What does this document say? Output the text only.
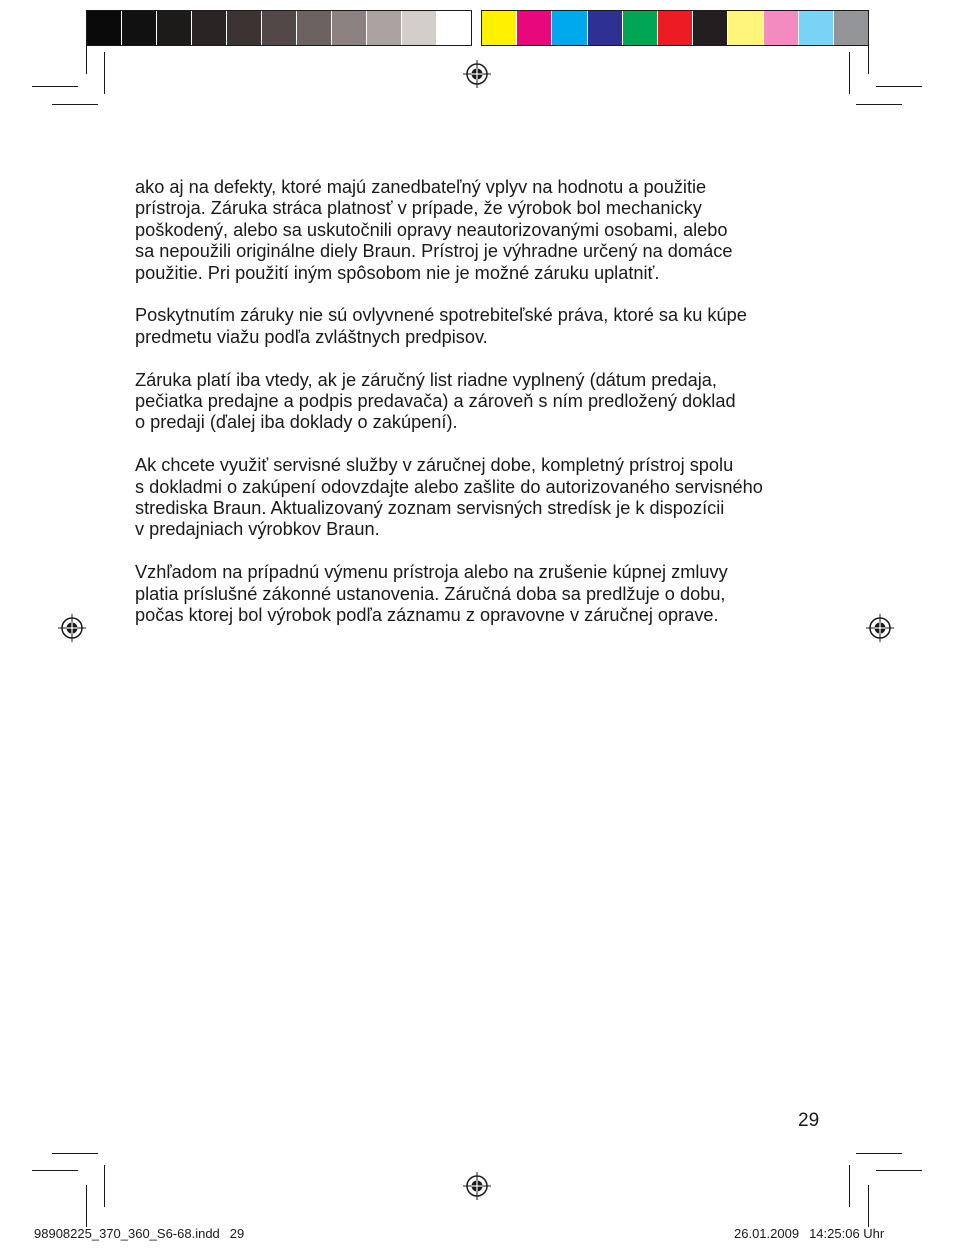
ako aj na defekty, ktoré majú zanedbateľný vplyv na hodnotu a použitie
prístroja. Záruka stráca platnosť v prípade, že výrobok bol mechanicky
poškodený, alebo sa uskutočnili opravy neautorizovanými osobami, alebo
sa nepoužili originálne diely Braun. Prístroj je výhradne určený na domáce
použitie. Pri použití iným spôsobom nie je možné záruku uplatniť.

Poskytnutím záruky nie sú ovlyvnené spotrebiteľské práva, ktoré sa ku kúpe
predmetu viažu podľa zvláštnych predpisov.

Záruka platí iba vtedy, ak je záručný list riadne vyplnený (dátum predaja,
pečiatka predajne a podpis predavača) a zároveň s ním predložený doklad
o predaji (ďalej iba doklady o zakúpení).

Ak chcete využiť servisné služby v záručnej dobe, kompletný prístroj spolu
s dokladmi o zakúpení odovzdajte alebo zašlite do autorizovaného servisného
strediska Braun. Aktualizovaný zoznam servisných stredísk je k dispozícii
v predajniach výrobkov Braun.

Vzhľadom na prípadnú výmenu prístroja alebo na zrušenie kúpnej zmluvy
platia príslušné zákonné ustanovenia. Záručná doba sa predlžuje o dobu,
počas ktorej bol výrobok podľa záznamu z opravovne v záručnej oprave.

29
98908225_370_360_S6-68.indd 29	26.01.2009 14:25:06 Uhr
